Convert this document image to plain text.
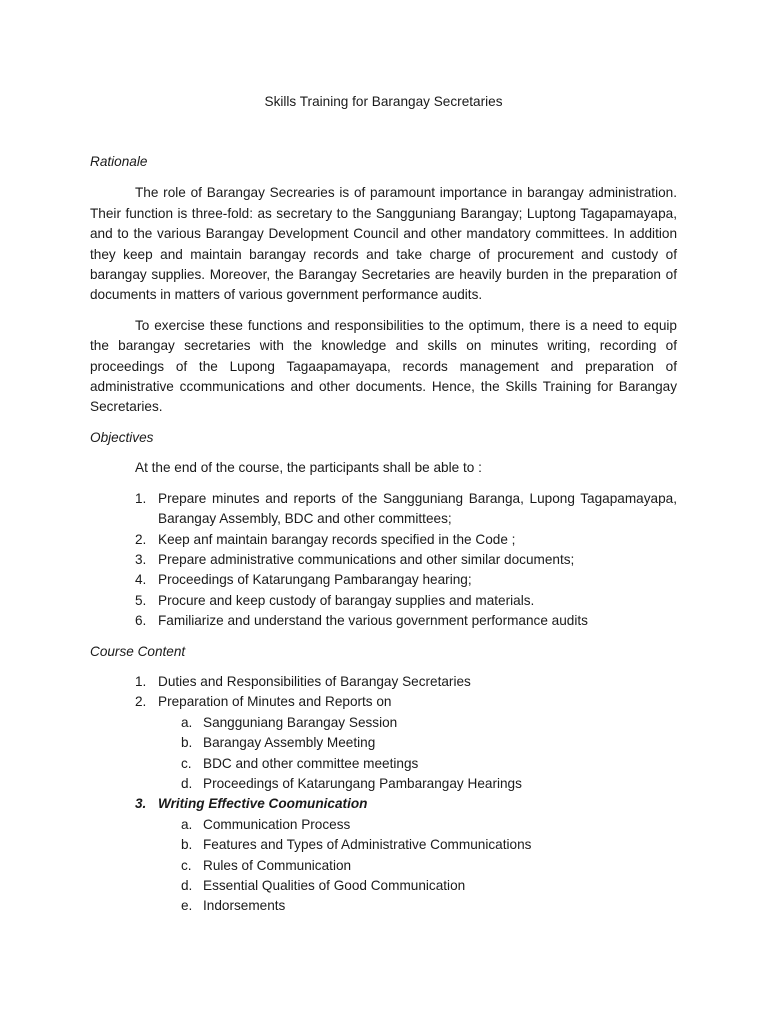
Skills Training for Barangay Secretaries

Rationale

The role of Barangay Secrearies is of paramount importance in barangay administration. Their function is three-fold: as secretary to the Sangguniang Barangay; Luptong Tagapamayapa, and to the various Barangay Development Council and other mandatory committees. In addition they keep and maintain barangay records and take charge of procurement and custody of barangay supplies. Moreover, the Barangay Secretaries are heavily burden in the preparation of documents in matters of various government performance audits.

To exercise these functions and responsibilities to the optimum, there is a need to equip the barangay secretaries with the knowledge and skills on minutes writing, recording of proceedings of the Lupong Tagaapamayapa, records management and preparation of administrative ccommunications and other documents. Hence, the Skills Training for Barangay Secretaries.

Objectives

At the end of the course, the participants shall be able to :

1. Prepare minutes and reports of the Sangguniang Baranga, Lupong Tagapamayapa, Barangay Assembly, BDC and other committees;
2. Keep anf maintain barangay records specified in the Code ;
3. Prepare administrative communications and other similar documents;
4. Proceedings of Katarungang Pambarangay hearing;
5. Procure and keep custody of barangay supplies and materials.
6. Familiarize and understand the various government performance audits

Course Content

1. Duties and Responsibilities of Barangay Secretaries
2. Preparation of Minutes and Reports on
a. Sangguniang Barangay Session
b. Barangay Assembly Meeting
c. BDC and other committee meetings
d. Proceedings of Katarungang Pambarangay Hearings
3. Writing Effective Coomunication
a. Communication Process
b. Features and Types of Administrative Communications
c. Rules of Communication
d. Essential Qualities of Good Communication
e. Indorsements
